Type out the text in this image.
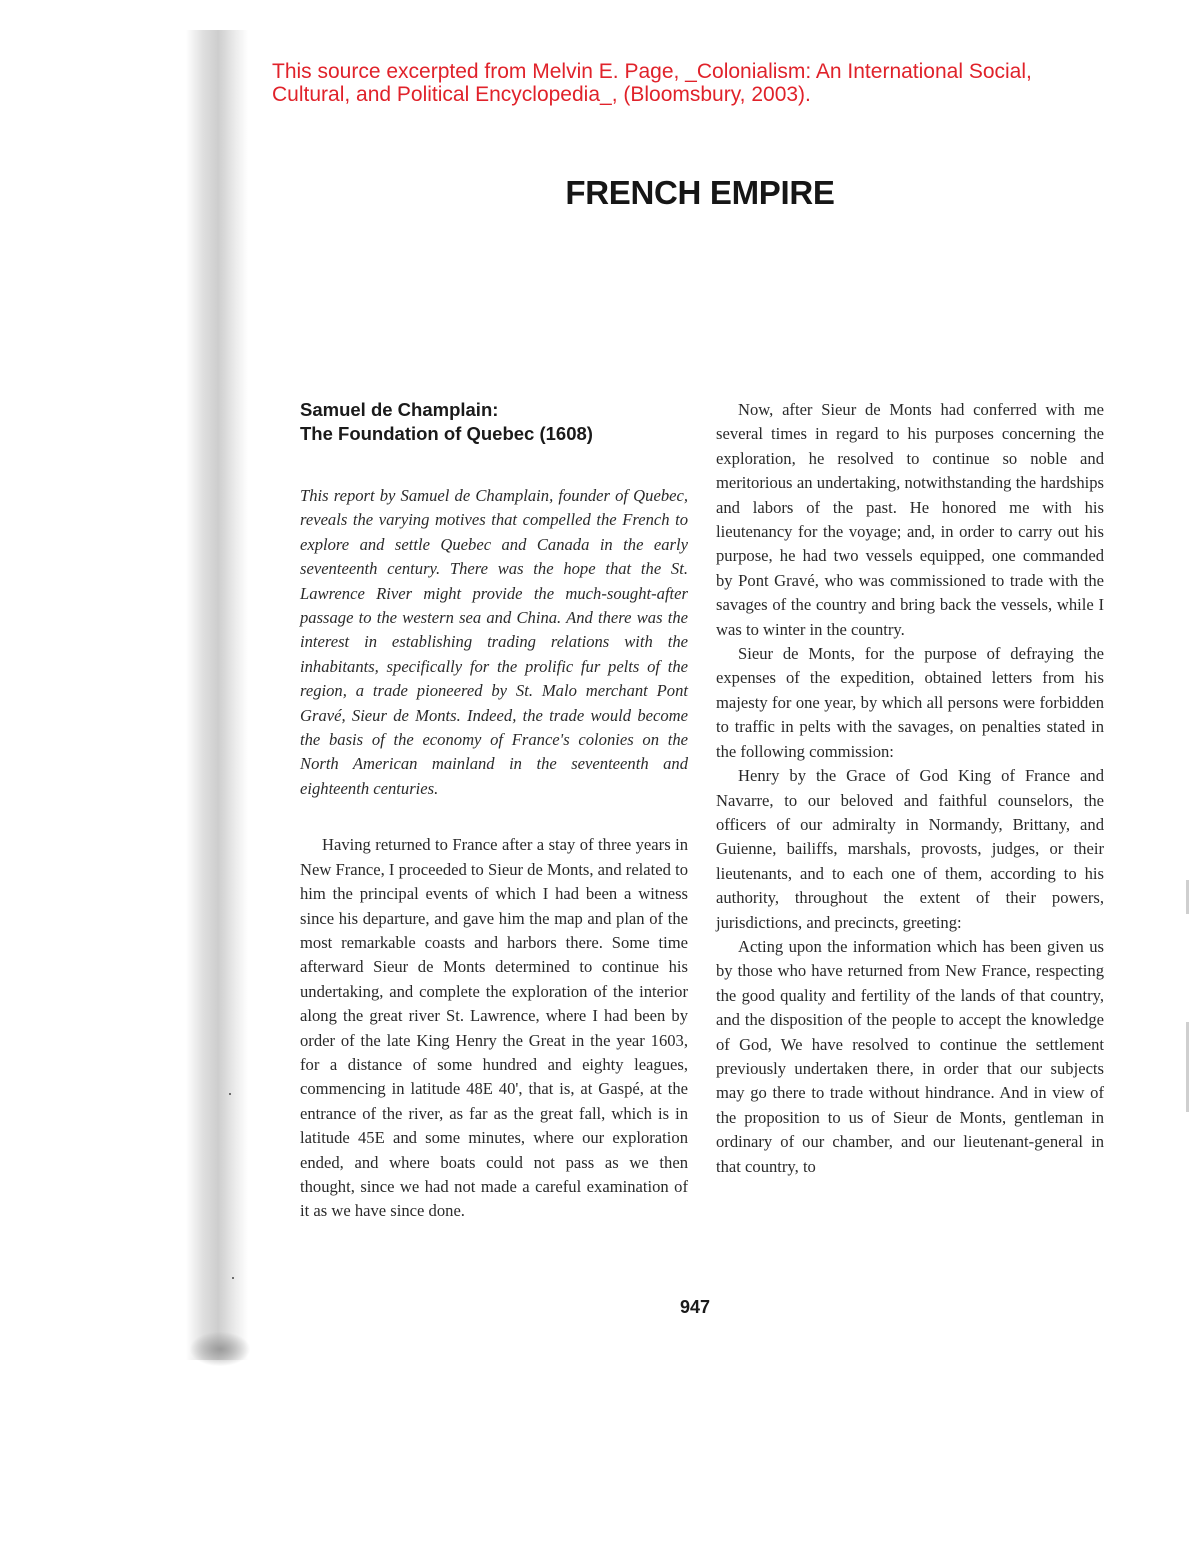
This source excerpted from Melvin E. Page, _Colonialism: An International Social,
Cultural, and Political Encyclopedia_, (Bloomsbury, 2003).

FRENCH EMPIRE
Samuel de Champlain:
The Foundation of Quebec (1608)

This report by Samuel de Champlain, founder of Quebec, reveals the varying motives that compelled the French to explore and settle Quebec and Canada in the early seventeenth century. There was the hope that the St. Lawrence River might provide the much-sought-after passage to the western sea and China. And there was the interest in establishing trading relations with the inhabitants, specifically for the prolific fur pelts of the region, a trade pioneered by St. Malo merchant Pont Gravé, Sieur de Monts. Indeed, the trade would become the basis of the economy of France's colonies on the North American mainland in the seventeenth and eighteenth centuries.

Having returned to France after a stay of three years in New France, I proceeded to Sieur de Monts, and related to him the principal events of which I had been a witness since his departure, and gave him the map and plan of the most remarkable coasts and harbors there. Some time afterward Sieur de Monts determined to continue his undertaking, and complete the exploration of the interior along the great river St. Lawrence, where I had been by order of the late King Henry the Great in the year 1603, for a distance of some hundred and eighty leagues, commencing in latitude 48E 40', that is, at Gaspé, at the entrance of the river, as far as the great fall, which is in latitude 45E and some minutes, where our exploration ended, and where boats could not pass as we then thought, since we had not made a careful examination of it as we have since done.

Now, after Sieur de Monts had conferred with me several times in regard to his purposes concerning the exploration, he resolved to continue so noble and meritorious an undertaking, notwithstanding the hardships and labors of the past. He honored me with his lieutenancy for the voyage; and, in order to carry out his purpose, he had two vessels equipped, one commanded by Pont Gravé, who was commissioned to trade with the savages of the country and bring back the vessels, while I was to winter in the country.

Sieur de Monts, for the purpose of defraying the expenses of the expedition, obtained letters from his majesty for one year, by which all persons were forbidden to traffic in pelts with the savages, on penalties stated in the following commission:

Henry by the Grace of God King of France and Navarre, to our beloved and faithful counselors, the officers of our admiralty in Normandy, Brittany, and Guienne, bailiffs, marshals, provosts, judges, or their lieutenants, and to each one of them, according to his authority, throughout the extent of their powers, jurisdictions, and precincts, greeting:

Acting upon the information which has been given us by those who have returned from New France, respecting the good quality and fertility of the lands of that country, and the disposition of the people to accept the knowledge of God, We have resolved to continue the settlement previously undertaken there, in order that our subjects may go there to trade without hindrance. And in view of the proposition to us of Sieur de Monts, gentleman in ordinary of our chamber, and our lieutenant-general in that country, to

947
